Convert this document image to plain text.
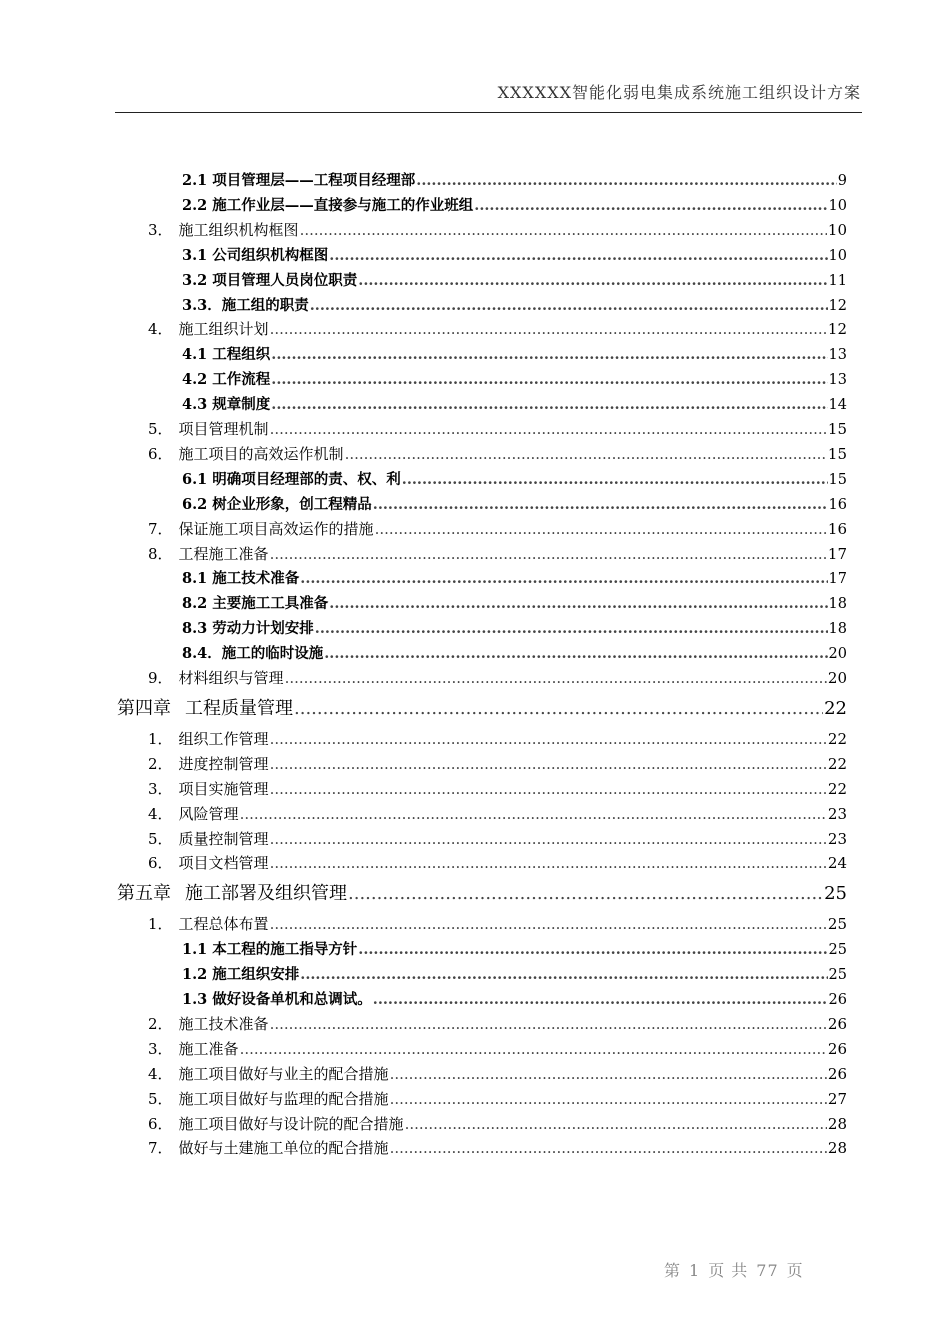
XXXXXX智能化弱电集成系统施工组织设计方案
2.1 项目管理层——工程项目经理部 .....	9
2.2 施工作业层——直接参与施工的作业班组 .....	10
3． 施工组织机构框图 .....	10
3.1 公司组织机构框图 .....	10
3.2 项目管理人员岗位职责 .....	11
3.3．施工组的职责 .....	12
4． 施工组织计划 .....	12
4.1 工程组织 .....	13
4.2 工作流程 .....	13
4.3 规章制度 .....	14
5． 项目管理机制 .....	15
6． 施工项目的高效运作机制 .....	15
6.1 明确项目经理部的责、权、利 .....	15
6.2 树企业形象，创工程精品 .....	16
7． 保证施工项目高效运作的措施 .....	16
8． 工程施工准备 .....	17
8.1 施工技术准备 .....	17
8.2 主要施工工具准备 .....	18
8.3 劳动力计划安排 .....	18
8.4．施工的临时设施 .....	20
9． 材料组织与管理 .....	20
第四章 工程质量管理 .....	22
1． 组织工作管理 .....	22
2． 进度控制管理 .....	22
3． 项目实施管理 .....	22
4． 风险管理 .....	23
5． 质量控制管理 .....	23
6． 项目文档管理 .....	24
第五章 施工部署及组织管理 .....	25
1． 工程总体布置 .....	25
1.1 本工程的施工指导方针 .....	25
1.2 施工组织安排 .....	25
1.3 做好设备单机和总调试。 .....	26
2． 施工技术准备 .....	26
3． 施工准备 .....	26
4． 施工项目做好与业主的配合措施 .....	26
5． 施工项目做好与监理的配合措施 .....	27
6． 施工项目做好与设计院的配合措施 .....	28
7． 做好与土建施工单位的配合措施 .....	28
第 1 页 共 77 页
